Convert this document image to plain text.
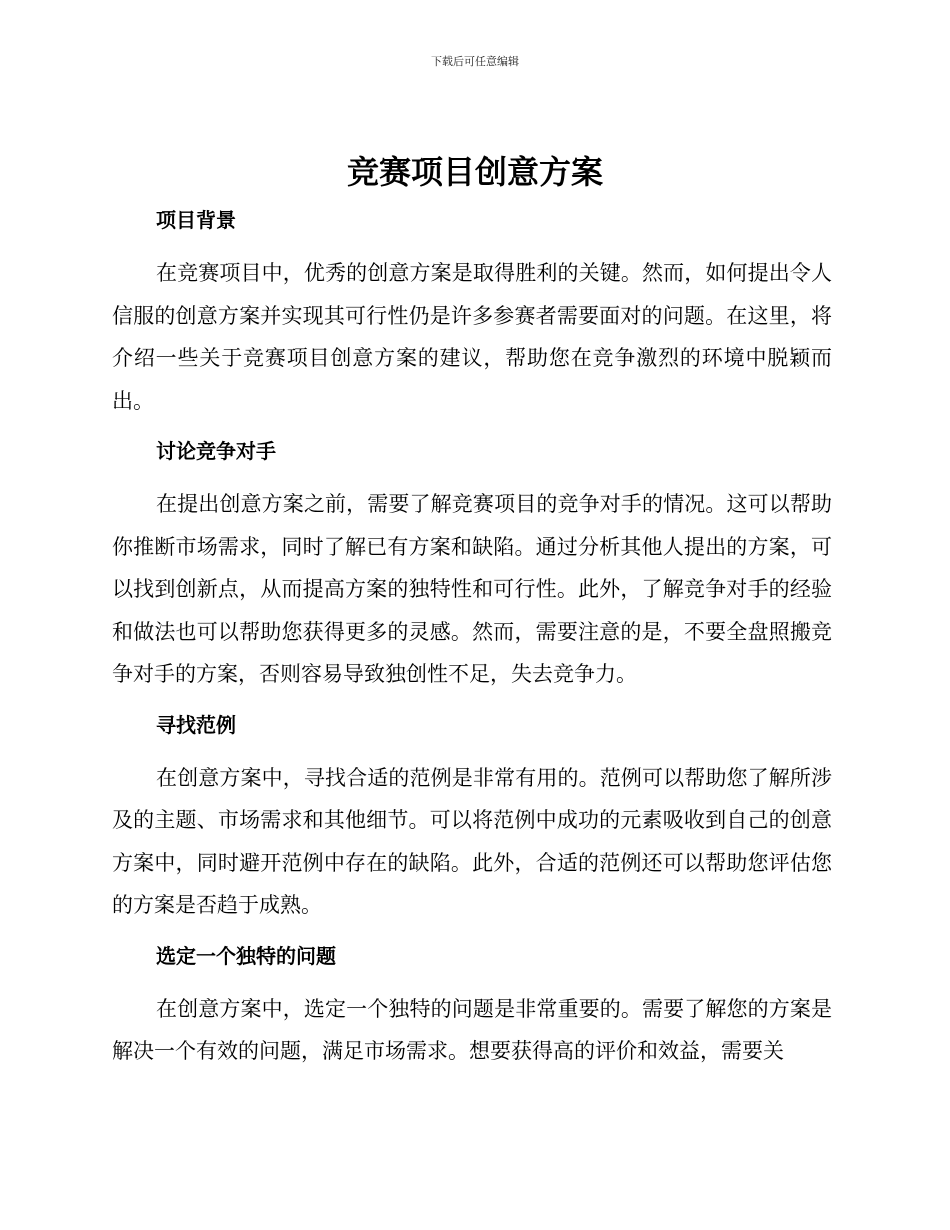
下载后可任意编辑
竞赛项目创意方案
项目背景

在竞赛项目中，优秀的创意方案是取得胜利的关键。然而，如何提出令人信服的创意方案并实现其可行性仍是许多参赛者需要面对的问题。在这里，将介绍一些关于竞赛项目创意方案的建议，帮助您在竞争激烈的环境中脱颖而出。

讨论竞争对手

在提出创意方案之前，需要了解竞赛项目的竞争对手的情况。这可以帮助你推断市场需求，同时了解已有方案和缺陷。通过分析其他人提出的方案，可以找到创新点，从而提高方案的独特性和可行性。此外，了解竞争对手的经验和做法也可以帮助您获得更多的灵感。然而，需要注意的是，不要全盘照搬竞争对手的方案，否则容易导致独创性不足，失去竞争力。

寻找范例

在创意方案中，寻找合适的范例是非常有用的。范例可以帮助您了解所涉及的主题、市场需求和其他细节。可以将范例中成功的元素吸收到自己的创意方案中，同时避开范例中存在的缺陷。此外，合适的范例还可以帮助您评估您的方案是否趋于成熟。

选定一个独特的问题

在创意方案中，选定一个独特的问题是非常重要的。需要了解您的方案是解决一个有效的问题，满足市场需求。想要获得高的评价和效益，需要关
